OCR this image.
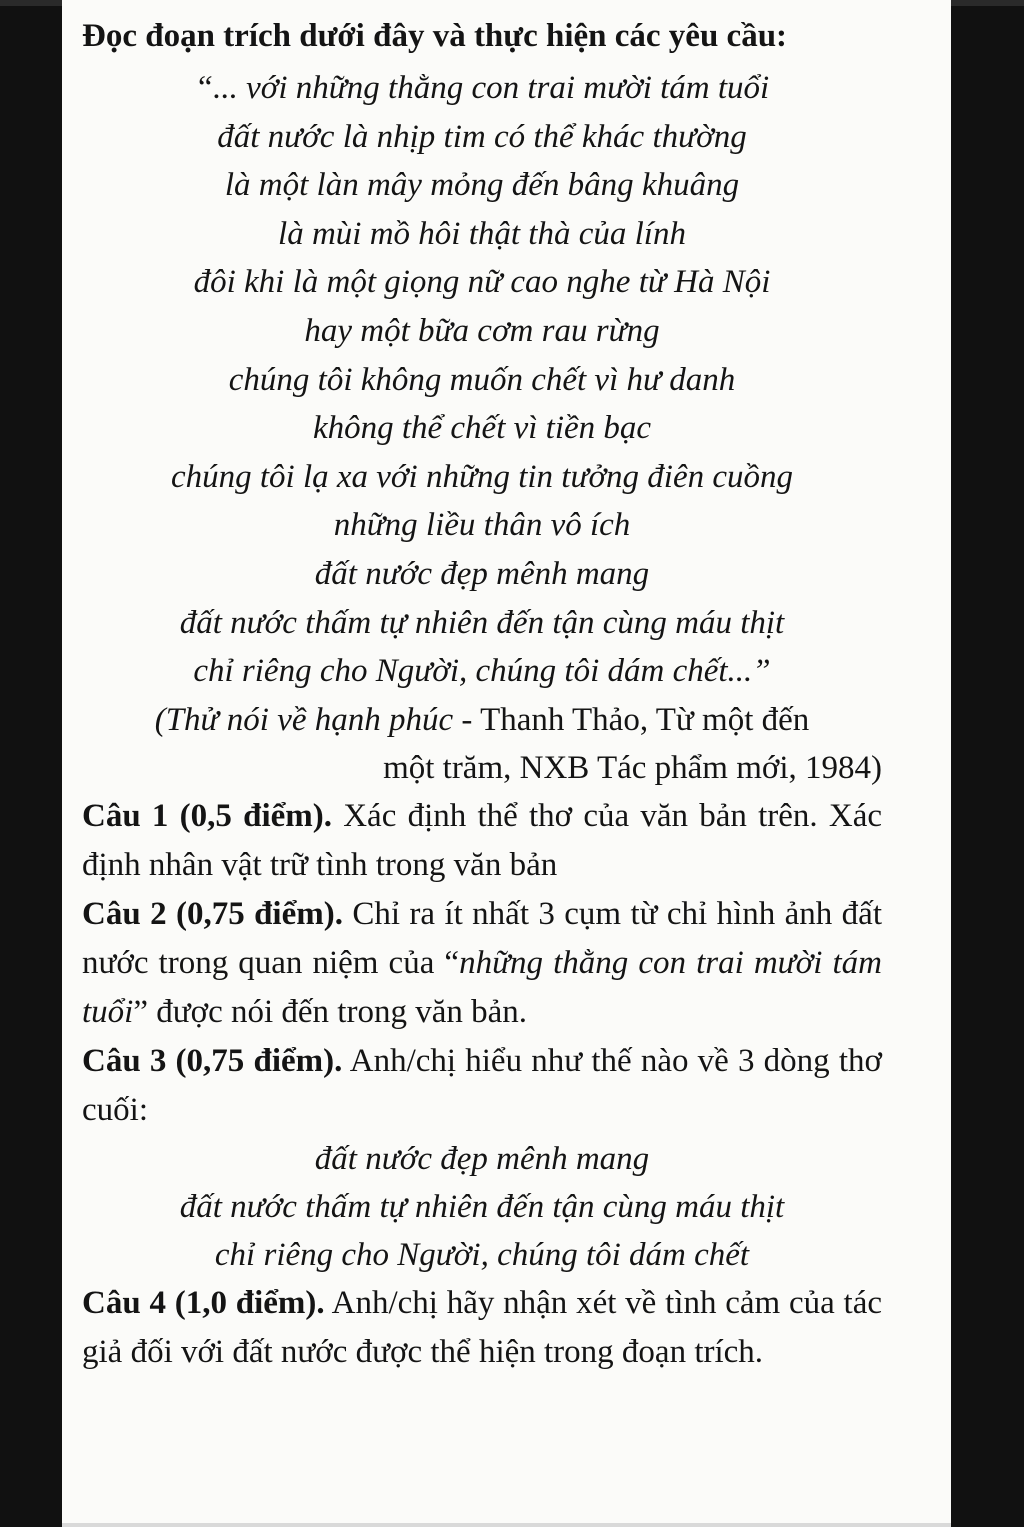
Đọc đoạn trích dưới đây và thực hiện các yêu cầu:

“... với những thằng con trai mười tám tuổi
đất nước là nhịp tim có thể khác thường
là một làn mây mỏng đến bâng khuâng
là mùi mồ hôi thật thà của lính
đôi khi là một giọng nữ cao nghe từ Hà Nội
hay một bữa cơm rau rừng
chúng tôi không muốn chết vì hư danh
không thể chết vì tiền bạc
chúng tôi lạ xa với những tin tưởng điên cuồng
những liều thân vô ích
đất nước đẹp mênh mang
đất nước thấm tự nhiên đến tận cùng máu thịt
chỉ riêng cho Người, chúng tôi dám chết...”

(Thử nói về hạnh phúc - Thanh Thảo, Từ một đến
một trăm, NXB Tác phẩm mới, 1984)

Câu 1 (0,5 điểm). Xác định thể thơ của văn bản trên. Xác định nhân vật trữ tình trong văn bản

Câu 2 (0,75 điểm). Chỉ ra ít nhất 3 cụm từ chỉ hình ảnh đất nước trong quan niệm của “những thằng con trai mười tám tuổi” được nói đến trong văn bản.

Câu 3 (0,75 điểm). Anh/chị hiểu như thế nào về 3 dòng thơ cuối:

đất nước đẹp mênh mang
đất nước thấm tự nhiên đến tận cùng máu thịt
chỉ riêng cho Người, chúng tôi dám chết

Câu 4 (1,0 điểm). Anh/chị hãy nhận xét về tình cảm của tác giả đối với đất nước được thể hiện trong đoạn trích.
